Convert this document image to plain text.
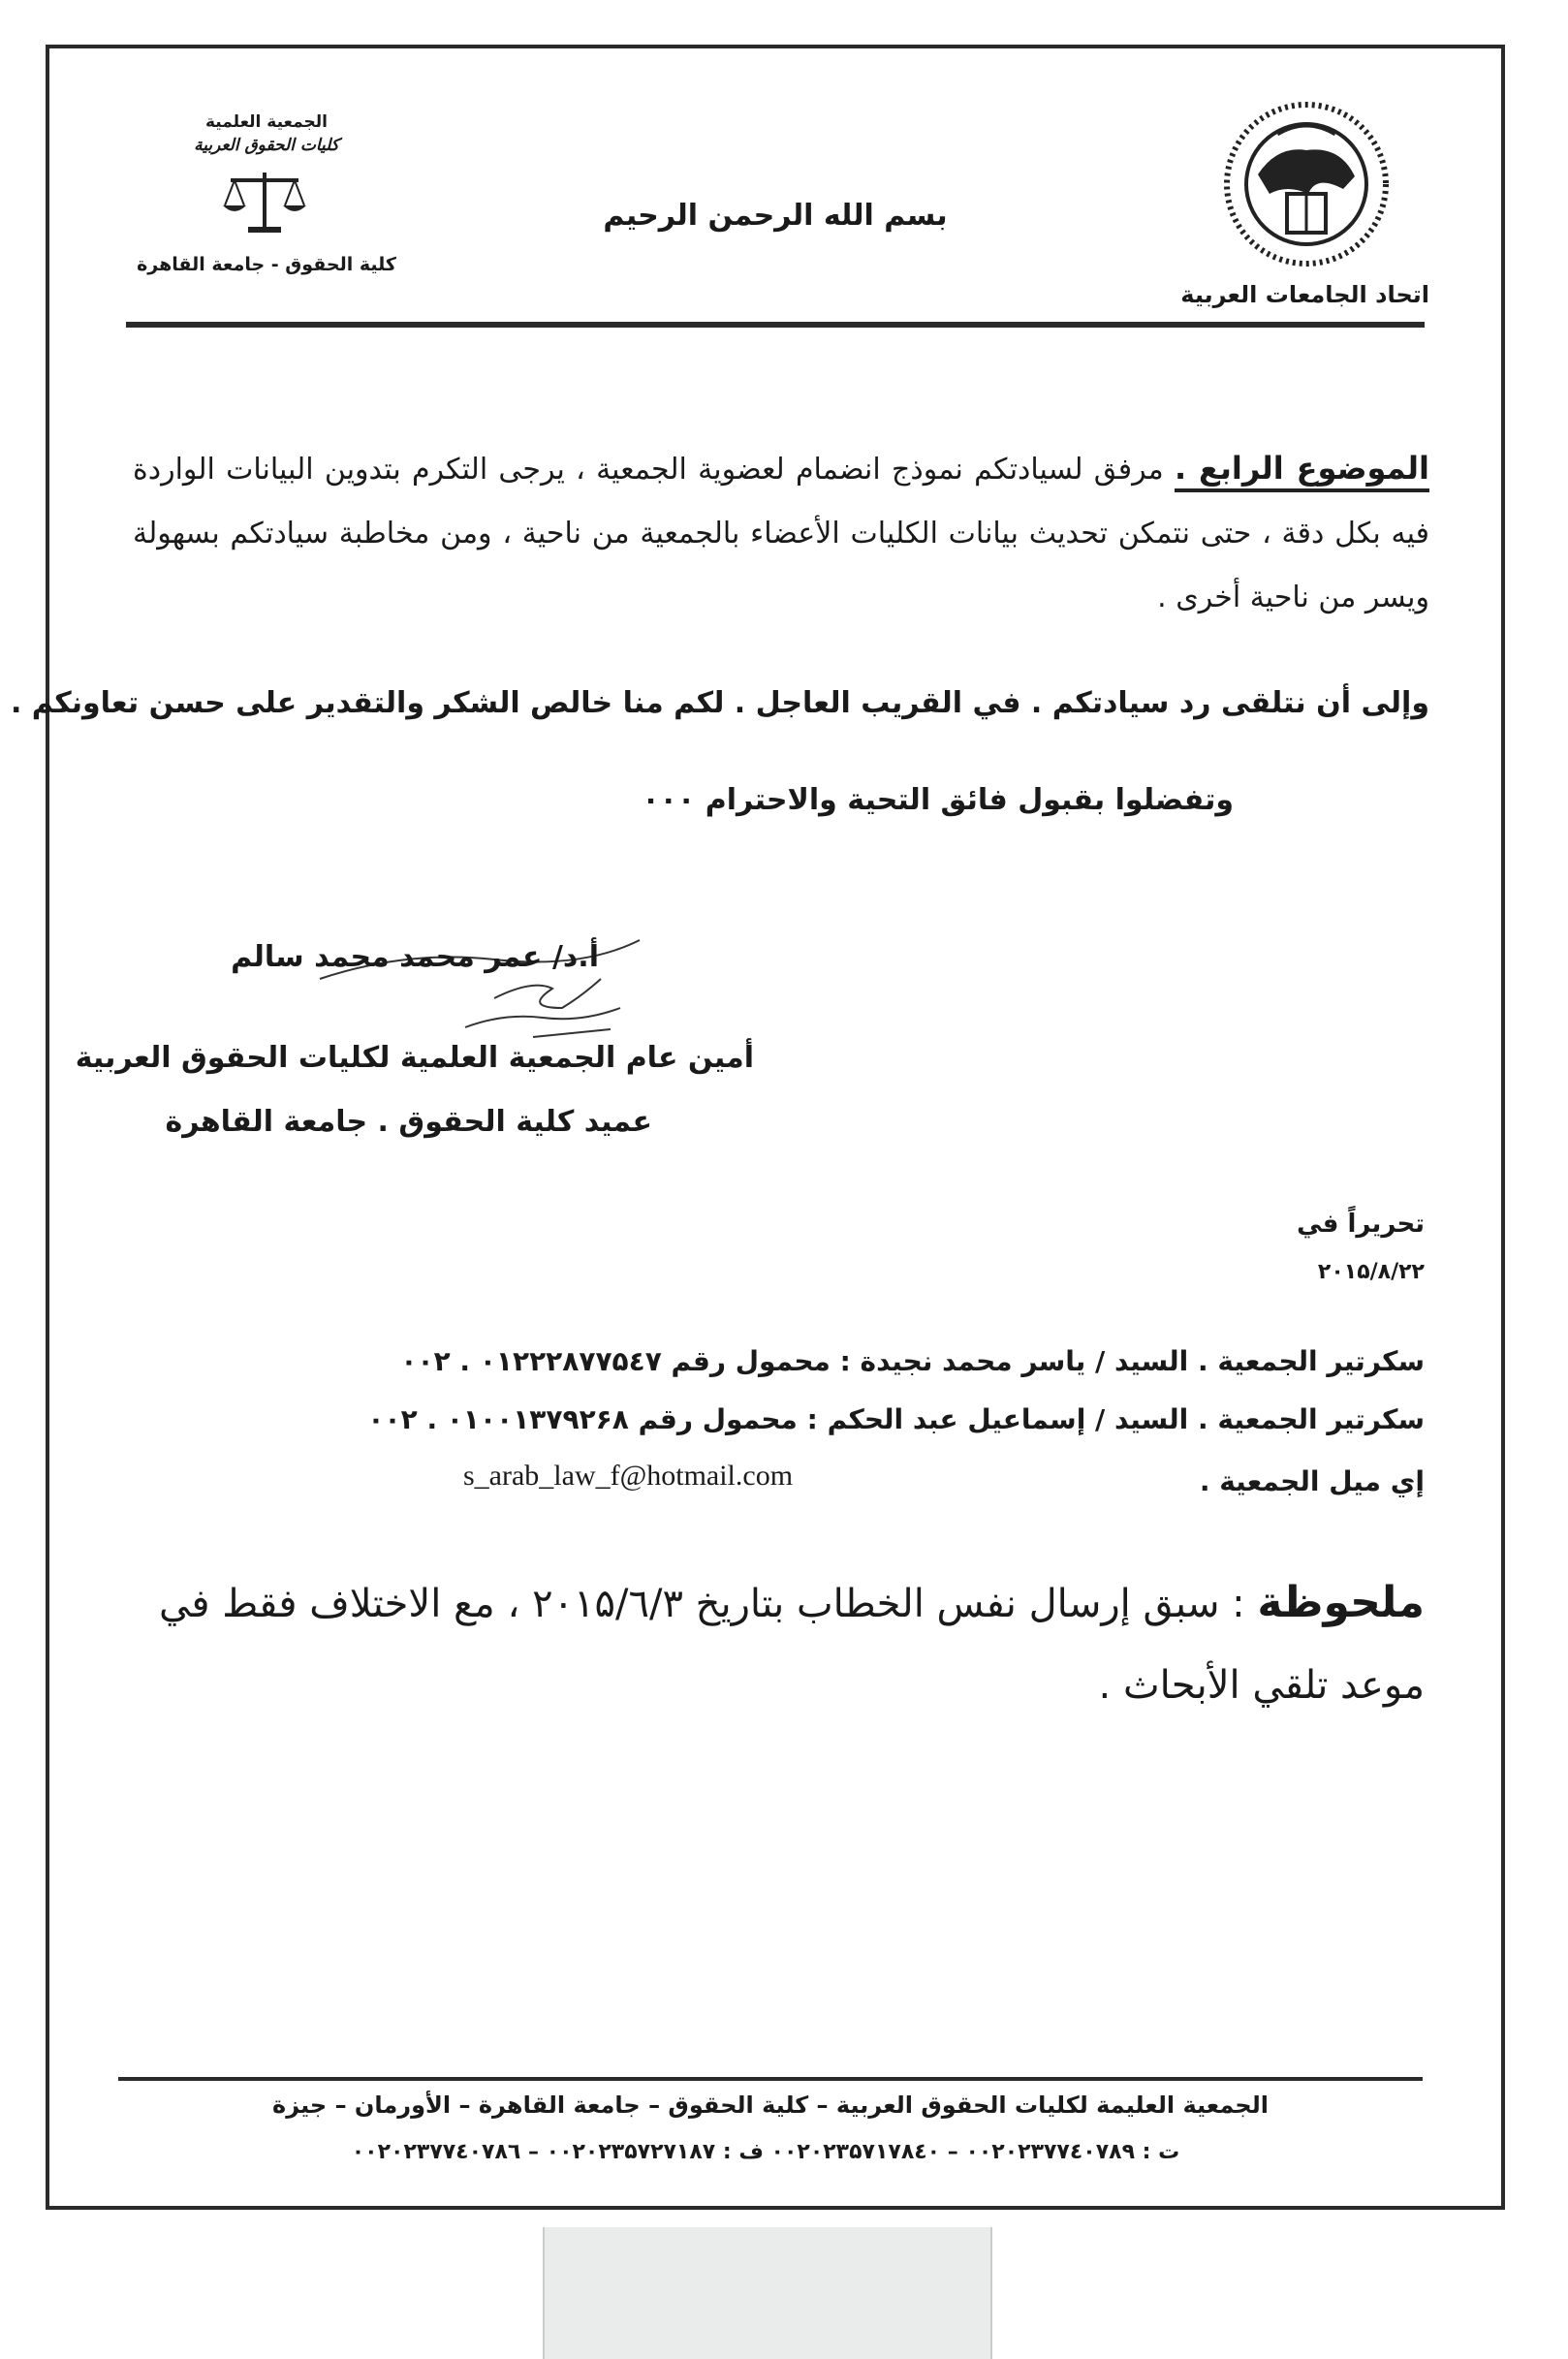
اتحاد الجامعات العربية
الجمعية العلمية
كليات الحقوق العربية
كلية الحقوق - جامعة القاهرة
بسم الله الرحمن الرحيم
الموضوع الرابع . مرفق لسيادتكم نموذج انضمام لعضوية الجمعية ، يرجى التكرم بتدوين البيانات الواردة فيه بكل دقة ، حتى نتمكن تحديث بيانات الكليات الأعضاء بالجمعية من ناحية ، ومن مخاطبة سيادتكم بسهولة ويسر من ناحية أخرى .
وإلى أن نتلقى رد سيادتكم . في القريب العاجل . لكم منا خالص الشكر والتقدير على حسن تعاونكم .
وتفضلوا بقبول فائق التحية والاحترام ۰۰۰
أ.د/ عمر محمد محمد سالم
أمين عام الجمعية العلمية لكليات الحقوق العربية
عميد كلية الحقوق . جامعة القاهرة
تحريراً في
۲۰۱۵/۸/۲۲
سكرتير الجمعية . السيد / ياسر محمد نجيدة : محمول رقم ۰۱۲۲۲۸۷۷۵٤۷ . ۰۰۲
سكرتير الجمعية . السيد / إسماعيل عبد الحكم : محمول رقم ۰۱۰۰۱۳۷۹۲۶۸ . ۰۰۲
s_arab_law_f@hotmail.com	إي ميل الجمعية .
ملحوظة : سبق إرسال نفس الخطاب بتاريخ ۲۰۱۵/٦/۳ ، مع الاختلاف فقط في موعد تلقي الأبحاث .
الجمعية العليمة لكليات الحقوق العربية – كلية الحقوق – جامعة القاهرة – الأورمان – جيزة
ت : ۰۰۲۰۲۳۷۷٤۰۷۸۹ – ۰۰۲۰۲۳۵۷۱۷۸٤۰ ف : ۰۰۲۰۲۳۵۷۲۷۱۸۷ – ۰۰۲۰۲۳۷۷٤۰۷۸٦
